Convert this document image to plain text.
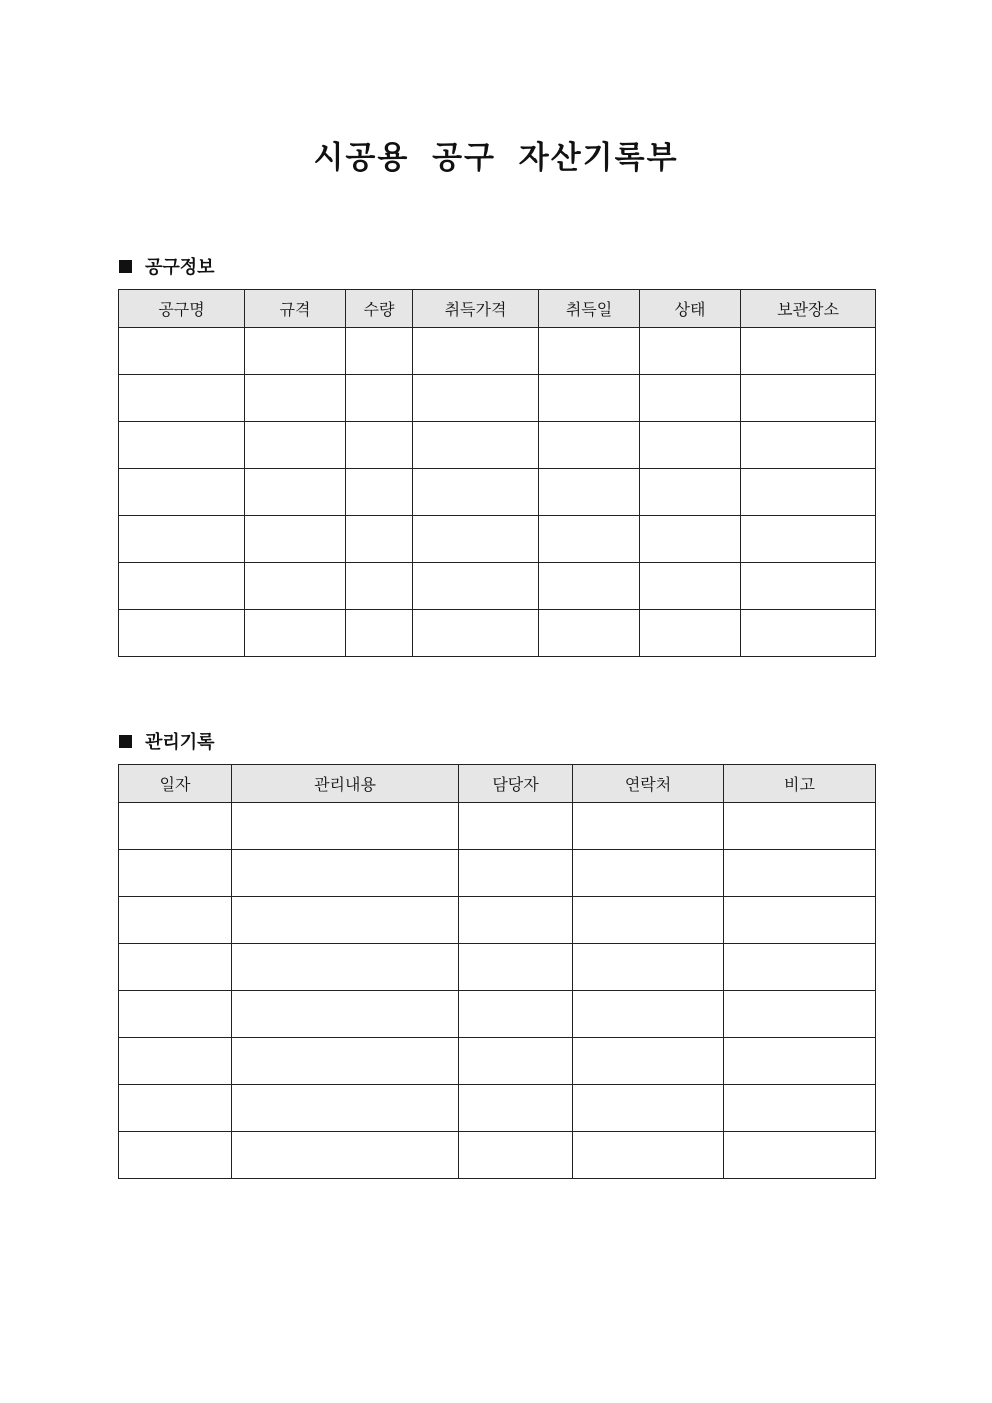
시공용 공구 자산기록부
공구정보
공구명	규격	수량	취득가격	취득일	상태	보관장소

관리기록
일자	관리내용	담당자	연락처	비고
